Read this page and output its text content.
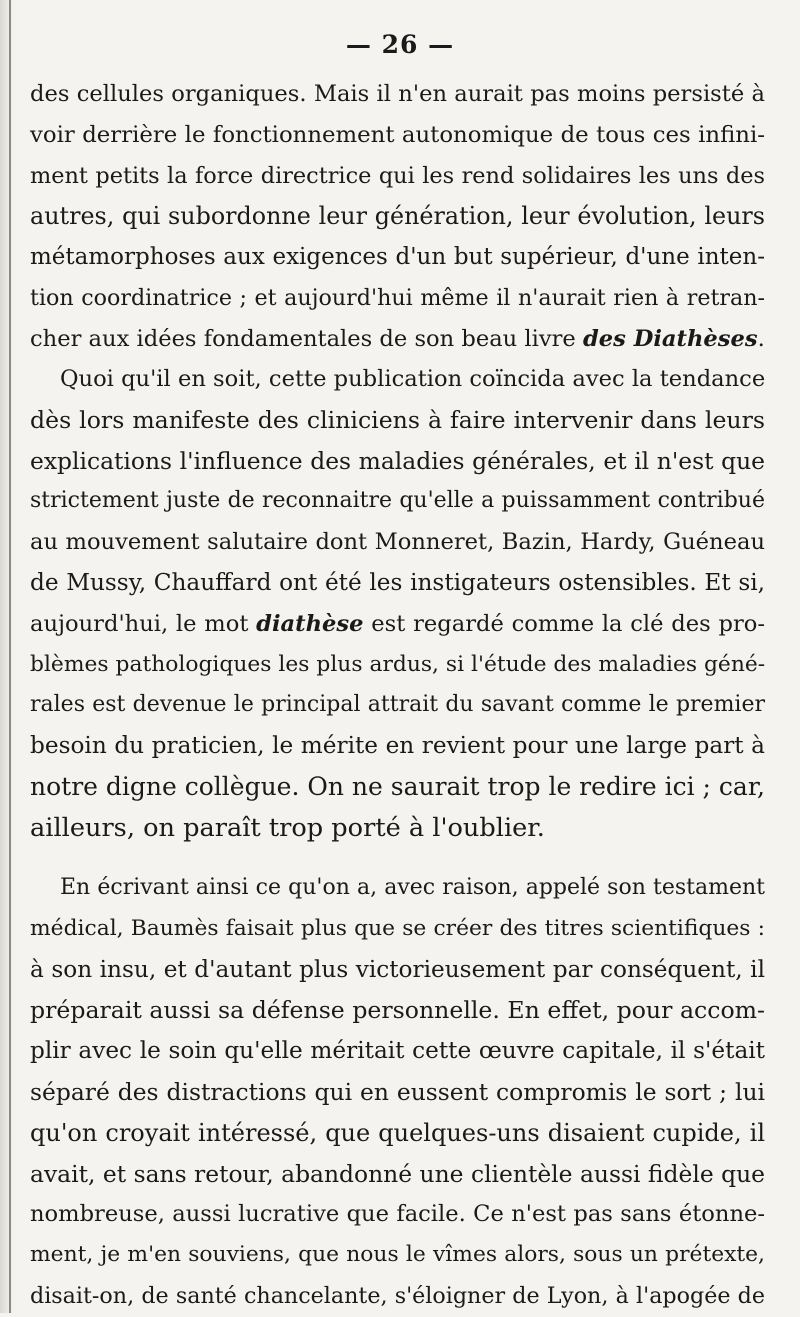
— 26 —
des cellules organiques. Mais il n'en aurait pas moins persisté à
voir derrière le fonctionnement autonomique de tous ces infini-
ment petits la force directrice qui les rend solidaires les uns des
autres, qui subordonne leur génération, leur évolution, leurs
métamorphoses aux exigences d'un but supérieur, d'une inten-
tion coordinatrice ; et aujourd'hui même il n'aurait rien à retran-
cher aux idées fondamentales de son beau livre des Diathèses.
Quoi qu'il en soit, cette publication coïncida avec la tendance
dès lors manifeste des cliniciens à faire intervenir dans leurs
explications l'influence des maladies générales, et il n'est que
strictement juste de reconnaitre qu'elle a puissamment contribué
au mouvement salutaire dont Monneret, Bazin, Hardy, Guéneau
de Mussy, Chauffard ont été les instigateurs ostensibles. Et si,
aujourd'hui, le mot diathèse est regardé comme la clé des pro-
blèmes pathologiques les plus ardus, si l'étude des maladies géné-
rales est devenue le principal attrait du savant comme le premier
besoin du praticien, le mérite en revient pour une large part à
notre digne collègue. On ne saurait trop le redire ici ; car,
ailleurs, on paraît trop porté à l'oublier.
En écrivant ainsi ce qu'on a, avec raison, appelé son testament
médical, Baumès faisait plus que se créer des titres scientifiques :
à son insu, et d'autant plus victorieusement par conséquent, il
préparait aussi sa défense personnelle. En effet, pour accom-
plir avec le soin qu'elle méritait cette œuvre capitale, il s'était
séparé des distractions qui en eussent compromis le sort ; lui
qu'on croyait intéressé, que quelques-uns disaient cupide, il
avait, et sans retour, abandonné une clientèle aussi fidèle que
nombreuse, aussi lucrative que facile. Ce n'est pas sans étonne-
ment, je m'en souviens, que nous le vîmes alors, sous un prétexte,
disait-on, de santé chancelante, s'éloigner de Lyon, à l'apogée de
